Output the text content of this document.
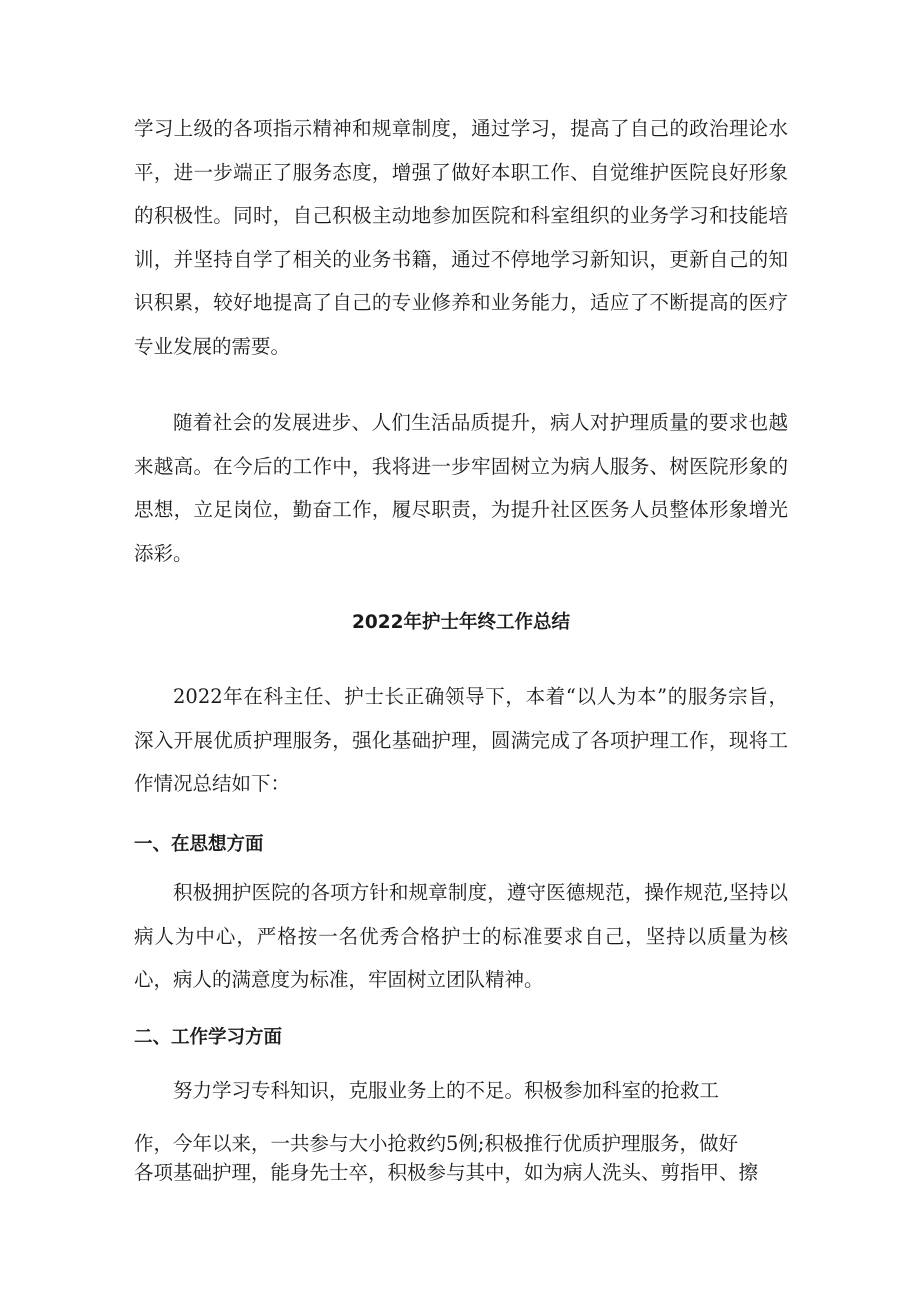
学习上级的各项指示精神和规章制度，通过学习，提高了自己的政治理论水平，进一步端正了服务态度，增强了做好本职工作、自觉维护医院良好形象的积极性。同时，自己积极主动地参加医院和科室组织的业务学习和技能培训，并坚持自学了相关的业务书籍，通过不停地学习新知识，更新自己的知识积累，较好地提高了自己的专业修养和业务能力，适应了不断提高的医疗专业发展的需要。

随着社会的发展进步、人们生活品质提升，病人对护理质量的要求也越来越高。在今后的工作中，我将进一步牢固树立为病人服务、树医院形象的思想，立足岗位，勤奋工作，履尽职责，为提升社区医务人员整体形象增光添彩。

2022年护士年终工作总结

2022年在科主任、护士长正确领导下，本着“以人为本”的服务宗旨，深入开展优质护理服务，强化基础护理，圆满完成了各项护理工作，现将工作情况总结如下：

一、在思想方面

积极拥护医院的各项方针和规章制度，遵守医德规范，操作规范,坚持以病人为中心，严格按一名优秀合格护士的标准要求自己，坚持以质量为核心，病人的满意度为标准，牢固树立团队精神。

二、工作学习方面

努力学习专科知识，克服业务上的不足。积极参加科室的抢救工

作，今年以来，一共参与大小抢救约5例;积极推行优质护理服务，做好

各项基础护理，能身先士卒，积极参与其中，如为病人洗头、剪指甲、擦
